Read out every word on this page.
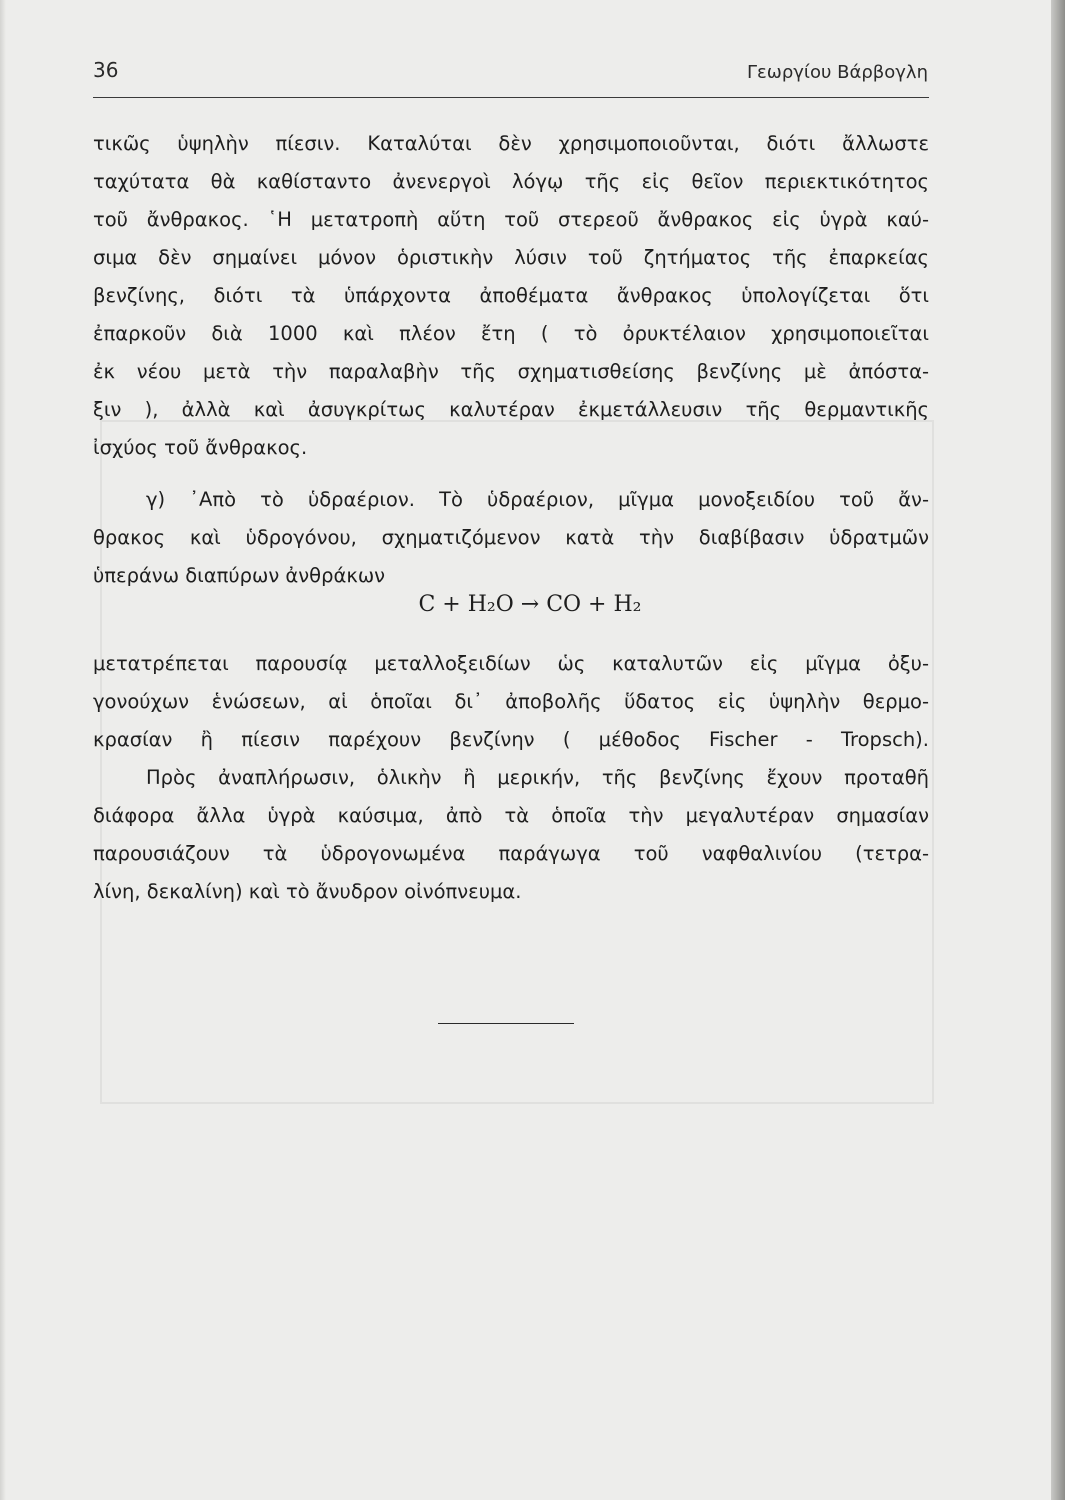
36	Γεωργίου Βάρβογλη
τικῶς ὑψηλὴν πίεσιν. Καταλύται δὲν χρησιμοποιοῦνται, διότι ἄλλωστε
ταχύτατα θὰ καθίσταντο ἀνενεργοὶ λόγῳ τῆς εἰς θεῖον περιεκτικότητος
τοῦ ἄνθρακος. ῾Η μετατροπὴ αὕτη τοῦ στερεοῦ ἄνθρακος εἰς ὑγρὰ καύ-
σιμα δὲν σημαίνει μόνον ὁριστικὴν λύσιν τοῦ ζητήματος τῆς ἐπαρκείας
βενζίνης, διότι τὰ ὑπάρχοντα ἀποθέματα ἄνθρακος ὑπολογίζεται ὅτι
ἐπαρκοῦν διὰ 1000 καὶ πλέον ἔτη ( τὸ ὀρυκτέλαιον χρησιμοποιεῖται
ἐκ νέου μετὰ τὴν παραλαβὴν τῆς σχηματισθείσης βενζίνης μὲ ἀπόστα-
ξιν ), ἀλλὰ καὶ ἀσυγκρίτως καλυτέραν ἐκμετάλλευσιν τῆς θερμαντικῆς
ἰσχύος τοῦ ἄνθρακος.
γ) ᾽Απὸ τὸ ὑδραέριον. Τὸ ὑδραέριον, μῖγμα μονοξειδίου τοῦ ἄν-
θρακος καὶ ὑδρογόνου, σχηματιζόμενον κατὰ τὴν διαβίβασιν ὑδρατμῶν
ὑπεράνω διαπύρων ἀνθράκων
C + H₂O → CO + H₂
μετατρέπεται παρουσίᾳ μεταλλοξειδίων ὡς καταλυτῶν εἰς μῖγμα ὀξυ-
γονούχων ἑνώσεων, αἱ ὁποῖαι δι᾽ ἀποβολῆς ὕδατος εἰς ὑψηλὴν θερμο-
κρασίαν ἢ πίεσιν παρέχουν βενζίνην ( μέθοδος Fischer - Tropsch).
Πρὸς ἀναπλήρωσιν, ὁλικὴν ἢ μερικήν, τῆς βενζίνης ἔχουν προταθῆ
διάφορα ἄλλα ὑγρὰ καύσιμα, ἀπὸ τὰ ὁποῖα τὴν μεγαλυτέραν σημασίαν
παρουσιάζουν τὰ ὑδρογονωμένα παράγωγα τοῦ ναφθαλινίου (τετρα-
λίνη, δεκαλίνη) καὶ τὸ ἄνυδρον οἰνόπνευμα.
